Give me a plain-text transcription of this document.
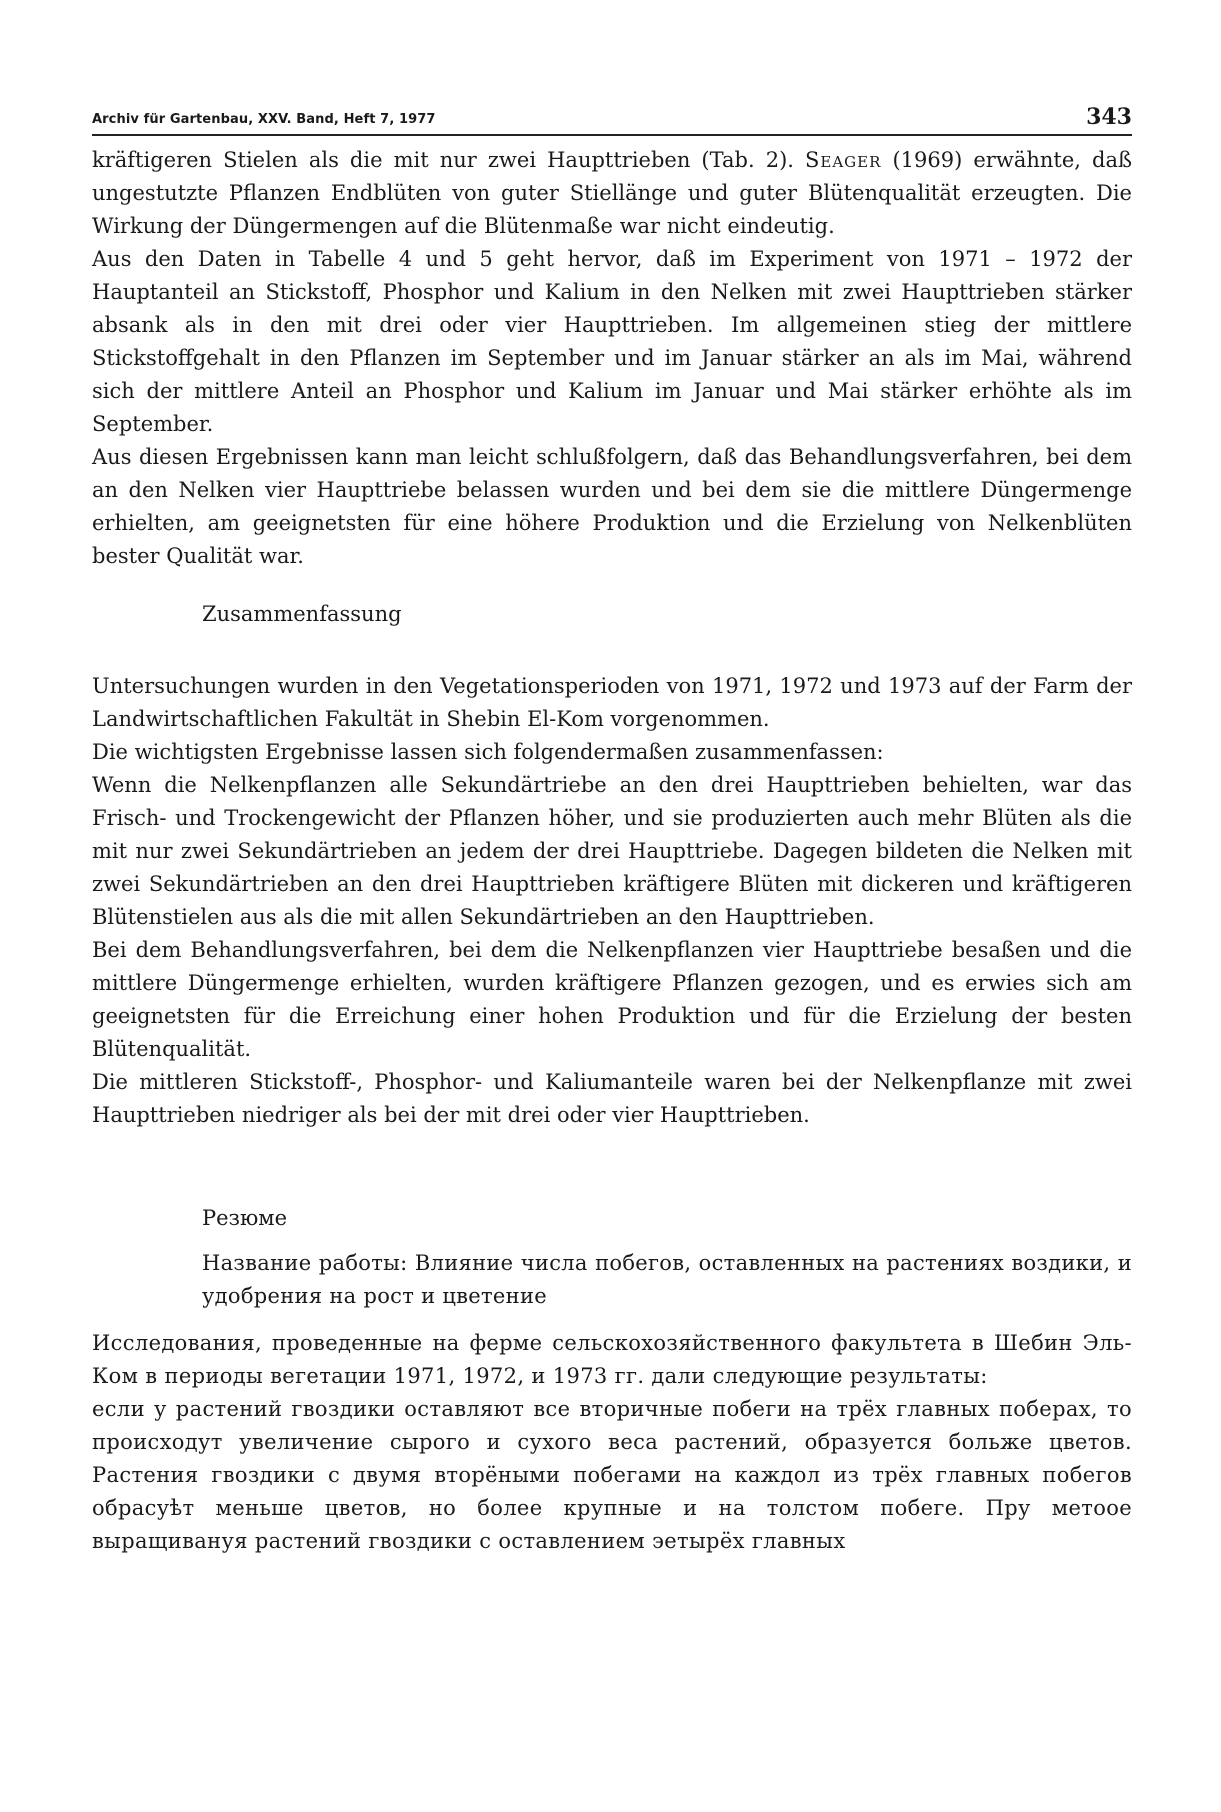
Archiv für Gartenbau, XXV. Band, Heft 7, 1977	343

kräftigeren Stielen als die mit nur zwei Haupttrieben (Tab. 2). Seager (1969) erwähnte, daß ungestutzte Pflanzen Endblüten von guter Stiellänge und guter Blütenqualität erzeugten. Die Wirkung der Düngermengen auf die Blütenmaße war nicht eindeutig.

Aus den Daten in Tabelle 4 und 5 geht hervor, daß im Experiment von 1971 – 1972 der Hauptanteil an Stickstoff, Phosphor und Kalium in den Nelken mit zwei Haupttrieben stärker absank als in den mit drei oder vier Haupttrieben. Im allgemeinen stieg der mittlere Stickstoffgehalt in den Pflanzen im September und im Januar stärker an als im Mai, während sich der mittlere Anteil an Phosphor und Kalium im Januar und Mai stärker erhöhte als im September.

Aus diesen Ergebnissen kann man leicht schlußfolgern, daß das Behandlungsverfahren, bei dem an den Nelken vier Haupttriebe belassen wurden und bei dem sie die mittlere Düngermenge erhielten, am geeignetsten für eine höhere Produktion und die Erzielung von Nelkenblüten bester Qualität war.

Zusammenfassung

Untersuchungen wurden in den Vegetationsperioden von 1971, 1972 und 1973 auf der Farm der Landwirtschaftlichen Fakultät in Shebin El-Kom vorgenommen.

Die wichtigsten Ergebnisse lassen sich folgendermaßen zusammenfassen:

Wenn die Nelkenpflanzen alle Sekundärtriebe an den drei Haupttrieben behielten, war das Frisch- und Trockengewicht der Pflanzen höher, und sie produzierten auch mehr Blüten als die mit nur zwei Sekundärtrieben an jedem der drei Haupttriebe. Dagegen bildeten die Nelken mit zwei Sekundärtrieben an den drei Haupttrieben kräftigere Blüten mit dickeren und kräftigeren Blütenstielen aus als die mit allen Sekundärtrieben an den Haupttrieben.

Bei dem Behandlungsverfahren, bei dem die Nelkenpflanzen vier Haupttriebe besaßen und die mittlere Düngermenge erhielten, wurden kräftigere Pflanzen gezogen, und es erwies sich am geeignetsten für die Erreichung einer hohen Produktion und für die Erzielung der besten Blütenqualität.

Die mittleren Stickstoff-, Phosphor- und Kaliumanteile waren bei der Nelkenpflanze mit zwei Haupttrieben niedriger als bei der mit drei oder vier Haupttrieben.

Резюме
Название работы: Влияние числа побегов, оставленных на растениях воздики, и удобрения на рост и цветение

Исследования, проведенные на ферме сельскохозяйственного факультета в Шебин Эль-Ком в периоды вегетации 1971, 1972, и 1973 гг. дали следующие результаты:

если у растений гвоздики оставляют все вторичные побеги на трёх главных поберах, то происходут увеличение сырого и сухого веса растений, образуется больже цветов. Растения гвоздики с двумя вторёными побегами на каждол из трёх главных побегов обрасуѣт меньше цветов, но более крупные и на толстом побеге. Пру метоое выращивануя растений гвоздики с оставлением эетырёх главных
